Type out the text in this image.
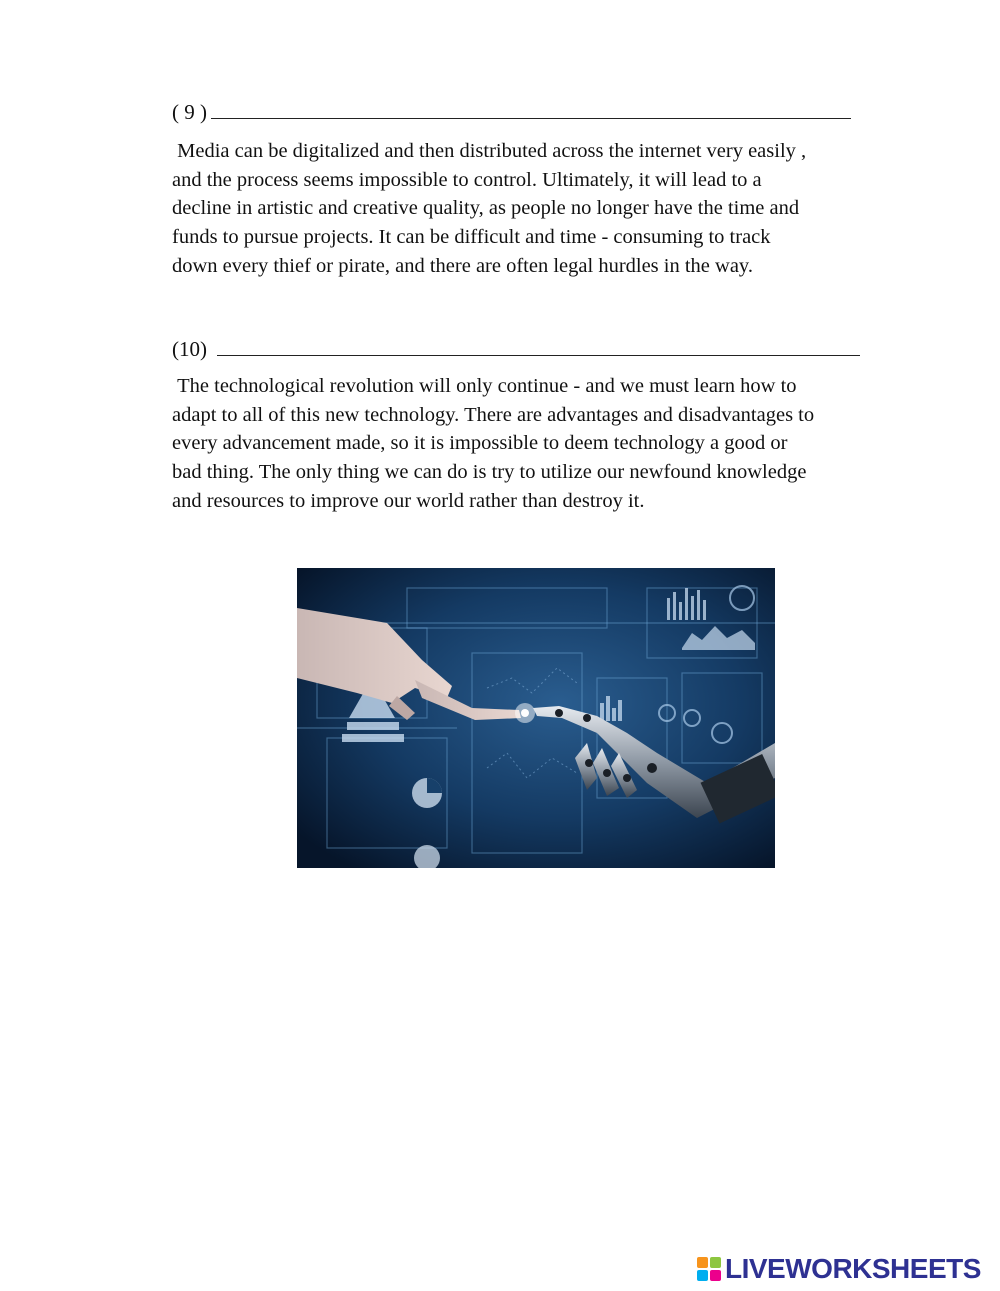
( 9 )

Media can be digitalized and then distributed across the internet very easily ,
and the process seems impossible to control. Ultimately, it will lead to a
decline in artistic and creative quality, as people no longer have the time and
funds to pursue projects. It can be difficult and time - consuming to track
down every thief or pirate, and there are often legal hurdles in the way.

(10)

The technological revolution will only continue - and we must learn how to
adapt to all of this new technology. There are advantages and disadvantages to
every advancement made, so it is impossible to deem technology a good or
bad thing. The only thing we can do is try to utilize our newfound knowledge
and resources to improve our world rather than destroy it.

LIVEWORKSHEETS
